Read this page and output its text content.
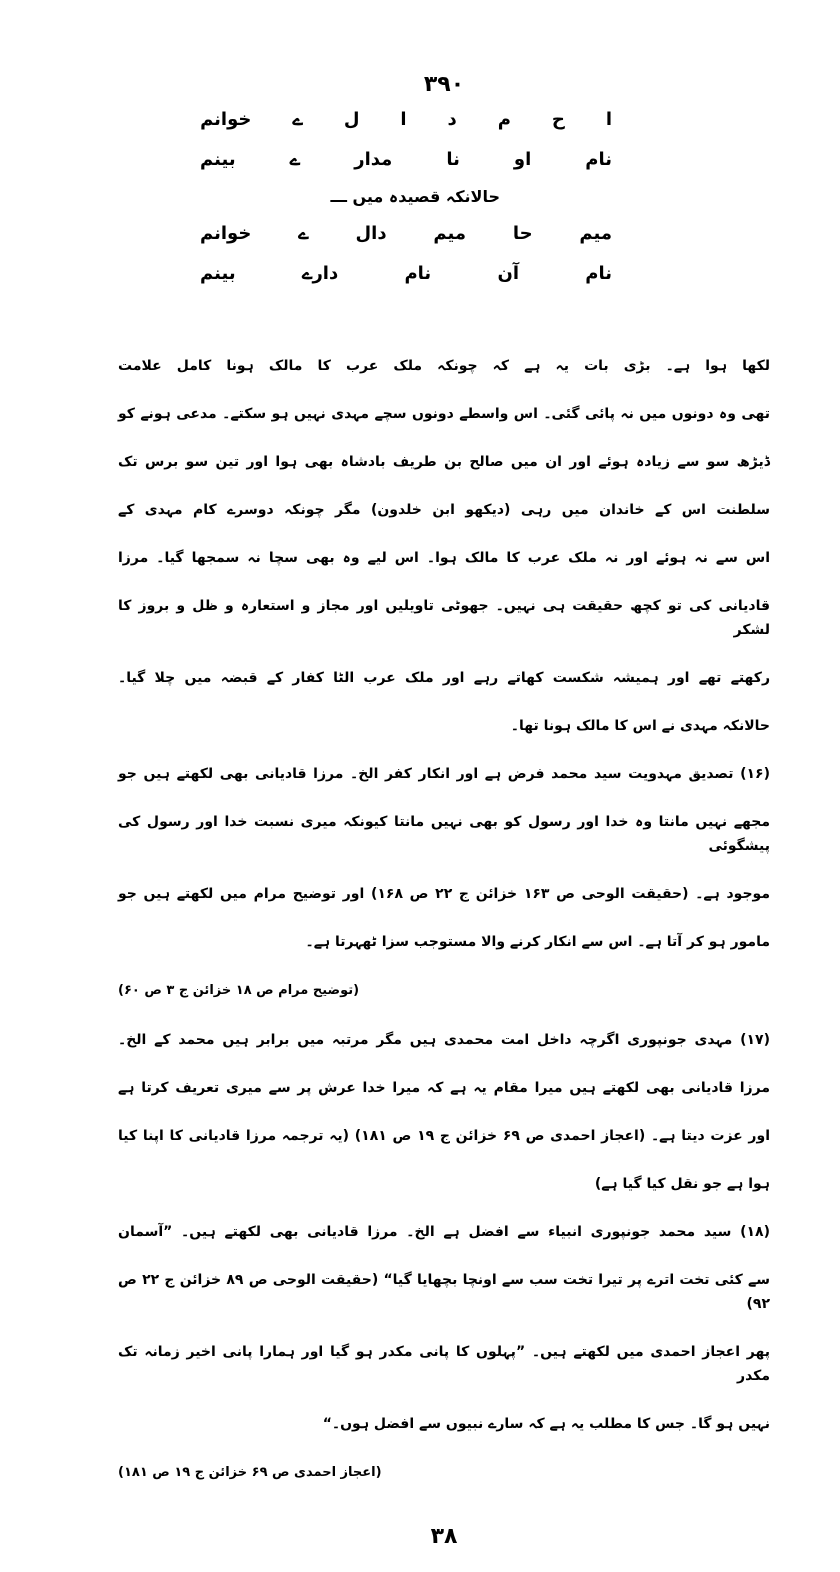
۳۹۰
ا
ح
م
د
ا
ل
ے
خوانم
نام
او
نا
مدار
ے
بینم
حالانکہ قصیدہ میں ـــ
میم
حا
میم
دال
ے
خوانم
نام
آن
نام
دارے
بینم
لکھا ہوا ہے۔ بڑی بات یہ ہے کہ چونکہ ملک عرب کا مالک ہونا کامل علامت
تھی وہ دونوں میں نہ پائی گئی۔ اس واسطے دونوں سچے مہدی نہیں ہو سکتے۔ مدعی ہونے کو
ڈیڑھ سو سے زیادہ ہوئے اور ان میں صالح بن طریف بادشاہ بھی ہوا اور تین سو برس تک
سلطنت اس کے خاندان میں رہی (دیکھو ابن خلدون) مگر چونکہ دوسرے کام مہدی کے
اس سے نہ ہوئے اور نہ ملک عرب کا مالک ہوا۔ اس لیے وہ بھی سچا نہ سمجھا گیا۔ مرزا
قادیانی کی تو کچھ حقیقت ہی نہیں۔ جھوٹی تاویلیں اور مجاز و استعارہ و ظل و بروز کا لشکر
رکھتے تھے اور ہمیشہ شکست کھاتے رہے اور ملک عرب الٹا کفار کے قبضہ میں چلا گیا۔
حالانکہ مہدی نے اس کا مالک ہونا تھا۔
(۱۶) تصدیق مہدویت سید محمد فرض ہے اور انکار کفر الخ۔ مرزا قادیانی بھی لکھتے ہیں جو
مجھے نہیں مانتا وہ خدا اور رسول کو بھی نہیں مانتا کیونکہ میری نسبت خدا اور رسول کی پیشگوئی
موجود ہے۔ (حقیقت الوحی ص ۱۶۳ خزائن ج ۲۲ ص ۱۶۸) اور توضیح مرام میں لکھتے ہیں جو
مامور ہو کر آتا ہے۔ اس سے انکار کرنے والا مستوجب سزا ٹھہرتا ہے۔
(توضیح مرام ص ۱۸ خزائن ج ۳ ص ۶۰)
(۱۷) مہدی جونپوری اگرچہ داخل امت محمدی ہیں مگر مرتبہ میں برابر ہیں محمد کے الخ۔
مرزا قادیانی بھی لکھتے ہیں میرا مقام یہ ہے کہ میرا خدا عرش پر سے میری تعریف کرتا ہے
اور عزت دیتا ہے۔ (اعجاز احمدی ص ۶۹ خزائن ج ۱۹ ص ۱۸۱) (یہ ترجمہ مرزا قادیانی کا اپنا کیا
ہوا ہے جو نقل کیا گیا ہے)
(۱۸) سید محمد جونپوری انبیاء سے افضل ہے الخ۔ مرزا قادیانی بھی لکھتے ہیں۔ ”آسمان
سے کئی تخت اترے پر تیرا تخت سب سے اونچا بچھایا گیا“ (حقیقت الوحی ص ۸۹ خزائن ج ۲۲ ص ۹۲)
پھر اعجاز احمدی میں لکھتے ہیں۔ ”پہلوں کا پانی مکدر ہو گیا اور ہمارا پانی اخیر زمانہ تک مکدر
نہیں ہو گا۔ جس کا مطلب یہ ہے کہ سارے نبیوں سے افضل ہوں۔“
(اعجاز احمدی ص ۶۹ خزائن ج ۱۹ ص ۱۸۱)
۳۸
